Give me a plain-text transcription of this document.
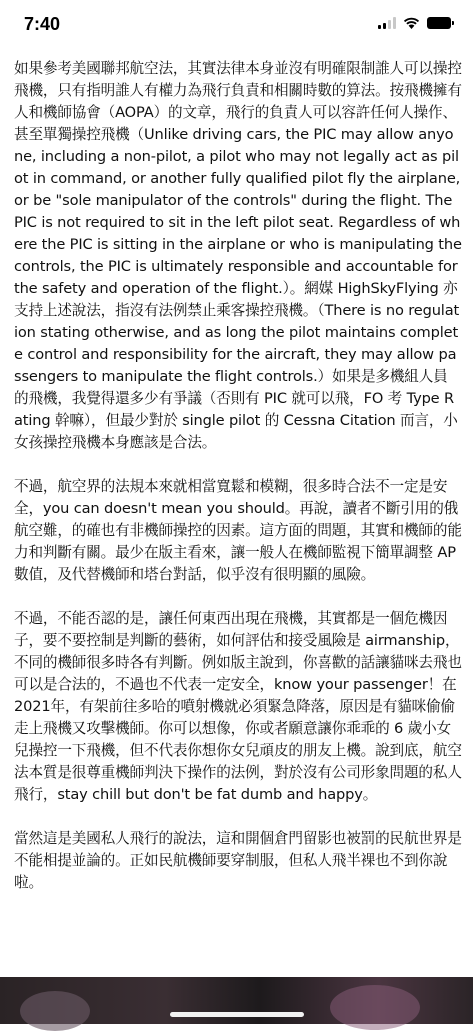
7:40

如果參考美國聯邦航空法，其實法律本身並沒有明確限制誰人可以操控飛機，只有指明誰人有權力為飛行負責和相關時數的算法。按飛機擁有人和機師協會（AOPA）的文章，飛行的負責人可以容許任何人操作、甚至單獨操控飛機（Unlike driving cars, the PIC may allow anyone, including a non-pilot, a pilot who may not legally act as pilot in command, or another fully qualified pilot fly the airplane, or be "sole manipulator of the controls" during the flight. The PIC is not required to sit in the left pilot seat. Regardless of where the PIC is sitting in the airplane or who is manipulating the controls, the PIC is ultimately responsible and accountable for the safety and operation of the flight.）。網媒 HighSkyFlying 亦支持上述說法，指沒有法例禁止乘客操控飛機。（There is no regulation stating otherwise, and as long the pilot maintains complete control and responsibility for the aircraft, they may allow passengers to manipulate the flight controls.）如果是多機組人員的飛機，我覺得還多少有爭議（否則有 PIC 就可以飛，FO 考 Type Rating 幹嘛），但最少對於 single pilot 的 Cessna Citation 而言，小女孩操控飛機本身應該是合法。

不過，航空界的法規本來就相當寬鬆和模糊，很多時合法不一定是安全，you can doesn't mean you should。再說，讀者不斷引用的俄航空難，的確也有非機師操控的因素。這方面的問題，其實和機師的能力和判斷有關。最少在版主看來，讓一般人在機師監視下簡單調整 AP 數值，及代替機師和塔台對話，似乎沒有很明顯的風險。

不過，不能否認的是，讓任何東西出現在飛機，其實都是一個危機因子，要不要控制是判斷的藝術，如何評估和接受風險是 airmanship，不同的機師很多時各有判斷。例如版主說到，你喜歡的話讓貓咪去飛也可以是合法的，不過也不代表一定安全，know your passenger！在 2021年，有架前往多哈的噴射機就必須緊急降落，原因是有貓咪偷偷走上飛機又攻擊機師。你可以想像，你或者願意讓你乖乖的 6 歲小女兒操控一下飛機，但不代表你想你女兒頑皮的朋友上機。說到底，航空法本質是很尊重機師判決下操作的法例，對於沒有公司形象問題的私人飛行，stay chill but don't be fat dumb and happy。

當然這是美國私人飛行的說法，這和開個倉門留影也被罰的民航世界是不能相提並論的。正如民航機師要穿制服，但私人飛半裸也不到你說啦。
